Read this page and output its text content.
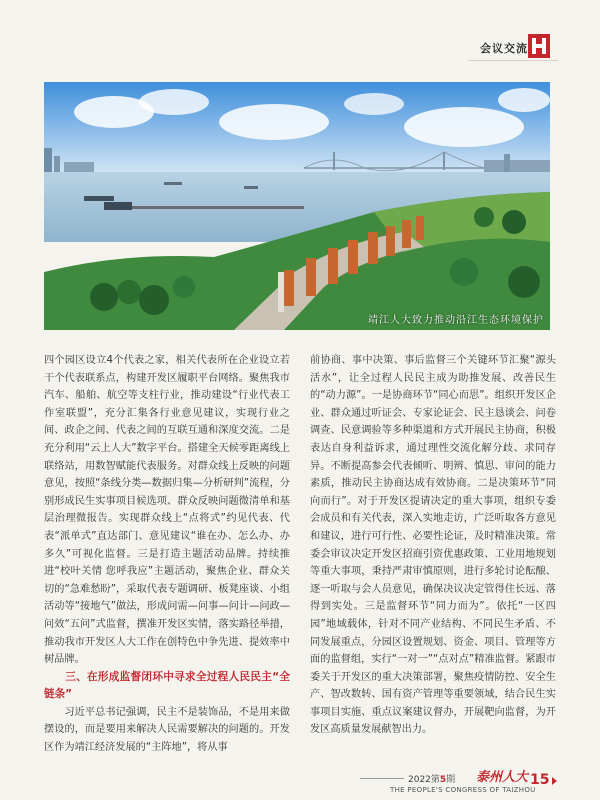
会议交流
靖江人大致力推动沿江生态环境保护

四个园区设立4个代表之家，相关代表所在企业设立若干个代表联系点，构建开发区履职平台网络。聚焦我市汽车、船舶、航空等支柱行业，推动建设“行业代表工作室联盟”，充分汇集各行业意见建议，实现行业之间、政企之间、代表之间的互联互通和深度交流。二是充分利用“云上人大”数字平台。搭建全天候零距离线上联络站，用数智赋能代表服务。对群众线上反映的问题意见，按照“条线分类—数据归集—分析研判”流程，分别形成民生实事项目候选项、群众反映问题微清单和基层治理微报告。实现群众线上“点将式”约见代表、代表“派单式”直达部门、意见建议“谁在办、怎么办、办多久”可视化监督。三是打造主题活动品牌。持续推进“校叶关情 您呼我应”主题活动，聚焦企业、群众关切的“急难愁盼”，采取代表专题调研、板凳座谈、小组活动等“接地气”做法，形成问需—问事—问计—问政—问效“五问”式监督，撰准开发区实情，落实路径举措，推动我市开发区人大工作在创特色中争先进、提效率中树品牌。

三、在形成监督闭环中寻求全过程人民民主“全链条”

习近平总书记强调，民主不是装饰品，不是用来做摆设的，而是要用来解决人民需要解决的问题的。开发区作为靖江经济发展的“主阵地”，将从事

前协商、事中决策、事后监督三个关键环节汇聚“源头活水”，让全过程人民民主成为助推发展、改善民生的“动力源”。一是协商环节“同心而思”。组织开发区企业、群众通过听证会、专家论证会、民主恳谈会、问卷调查、民意调验等多种渠道和方式开展民主协商，积极表达自身利益诉求，通过理性交流化解分歧、求同存异。不断提高参会代表倾听、明辨、慎思、审问的能力素质，推动民主协商达成有效协商。二是决策环节“同向而行”。对于开发区提请决定的重大事项，组织专委会成员和有关代表，深入实地走访，广泛听取各方意见和建议，进行可行性、必要性论证，及时精准决策。常委会审议决定开发区招商引资优惠政策、工业用地规划等重大事项，秉持严肃审慎原则，进行多轮讨论酝酿、逐一听取与会人员意见，确保决议决定管得住长远、落得到实处。三是监督环节“同力而为”。依托“一区四园”地域载体，针对不同产业结构、不同民生矛盾、不同发展重点，分园区设置规划、资金、项目、管理等方面的监督组，实行“一对一”“点对点”精准监督。紧跟市委关于开发区的重大决策部署，聚焦疫情防控、安全生产、智改数转、国有资产管理等重要领域，结合民生实事项目实施、重点议案建议督办，开展靶向监督，为开发区高质量发展献智出力。

2022第5期 泰州人大
THE PEOPLE'S CONGRESS OF TAIZHOU
15
